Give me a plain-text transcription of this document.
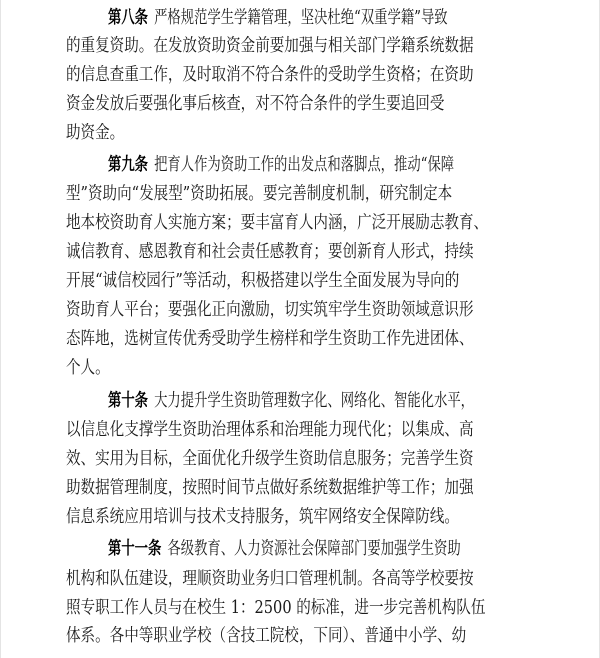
第八条 严格规范学生学籍管理，坚决杜绝“双重学籍”导致
的重复资助。在发放资助资金前要加强与相关部门学籍系统数据
的信息查重工作，及时取消不符合条件的受助学生资格；在资助
资金发放后要强化事后核查，对不符合条件的学生要追回受
助资金。
第九条 把育人作为资助工作的出发点和落脚点，推动“保障
型”资助向“发展型”资助拓展。要完善制度机制，研究制定本
地本校资助育人实施方案；要丰富育人内涵，广泛开展励志教育、
诚信教育、感恩教育和社会责任感教育；要创新育人形式，持续
开展“诚信校园行”等活动，积极搭建以学生全面发展为导向的
资助育人平台；要强化正向激励，切实筑牢学生资助领域意识形
态阵地，选树宣传优秀受助学生榜样和学生资助工作先进团体、
个人。
第十条 大力提升学生资助管理数字化、网络化、智能化水平，
以信息化支撑学生资助治理体系和治理能力现代化；以集成、高
效、实用为目标，全面优化升级学生资助信息服务；完善学生资
助数据管理制度，按照时间节点做好系统数据维护等工作；加强
信息系统应用培训与技术支持服务，筑牢网络安全保障防线。
第十一条 各级教育、人力资源社会保障部门要加强学生资助
机构和队伍建设，理顺资助业务归口管理机制。各高等学校要按
照专职工作人员与在校生 1：2500 的标准，进一步完善机构队伍
体系。各中等职业学校（含技工院校，下同）、普通中小学、幼
